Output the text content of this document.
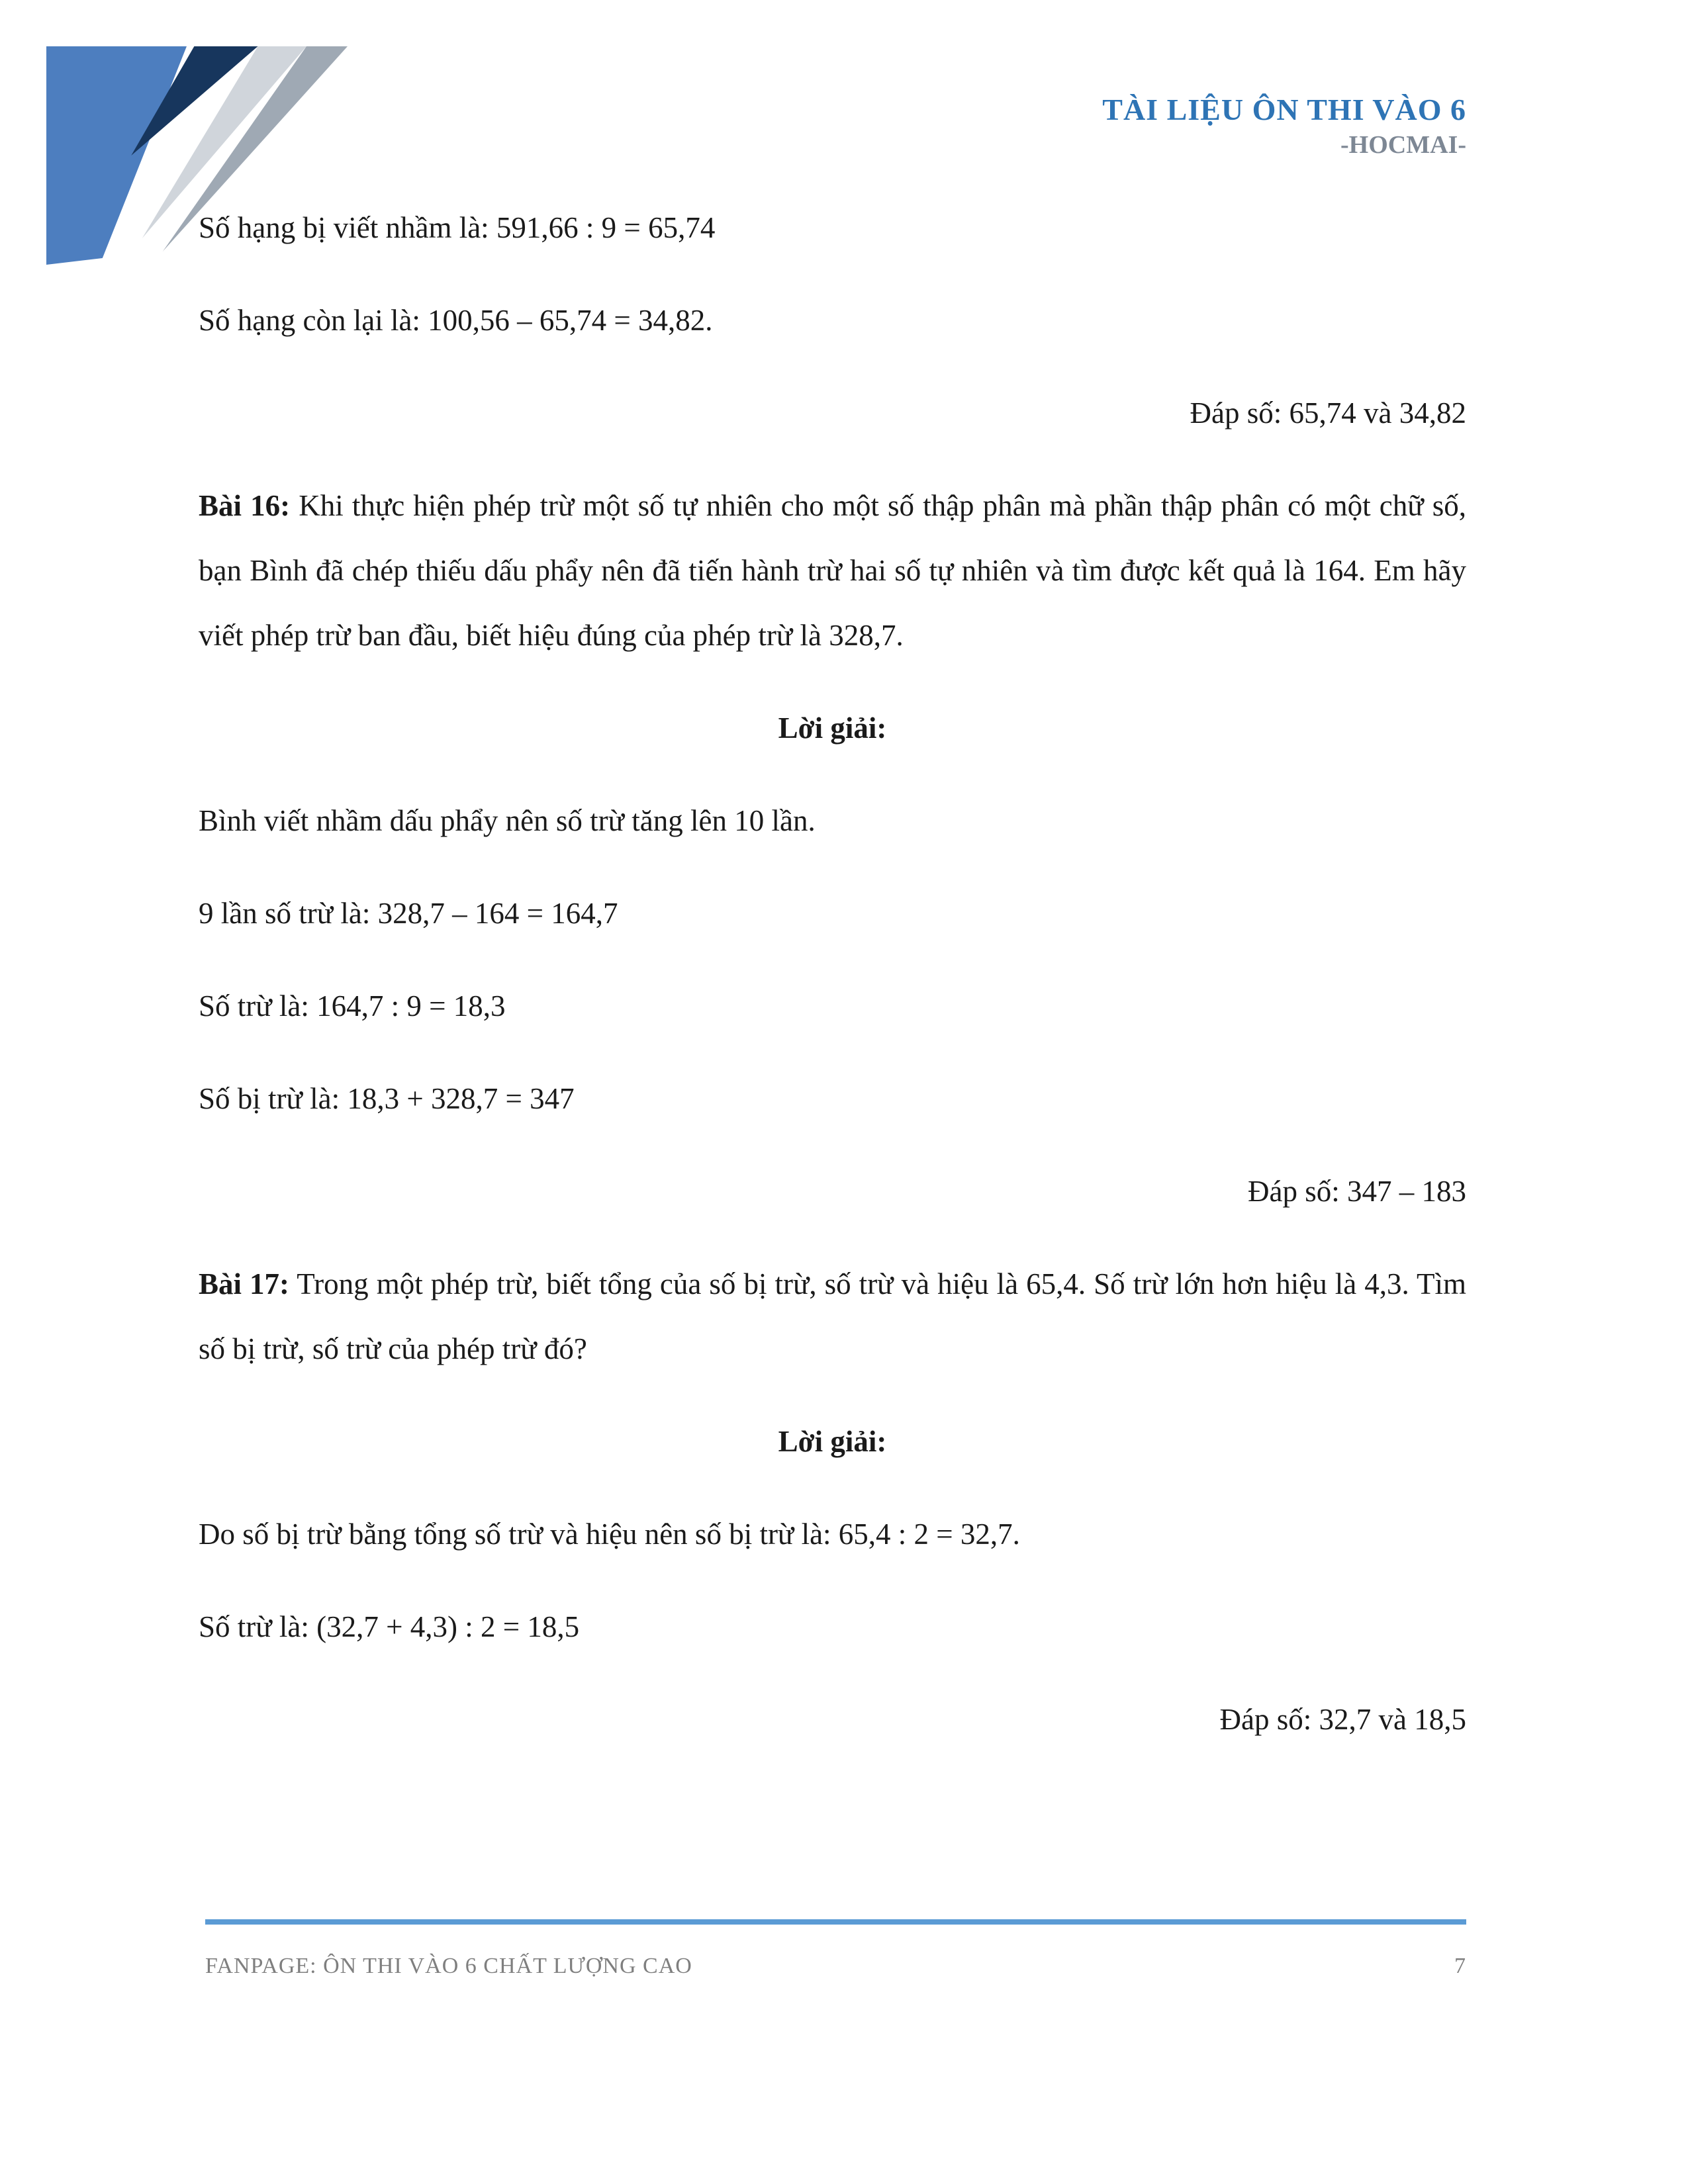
TÀI LIỆU ÔN THI VÀO 6
-HOCMAI-

Số hạng bị viết nhầm là: 591,66 : 9 = 65,74

Số hạng còn lại là: 100,56 – 65,74 = 34,82.

Đáp số: 65,74 và 34,82

Bài 16: Khi thực hiện phép trừ một số tự nhiên cho một số thập phân mà phần thập phân có một chữ số, bạn Bình đã chép thiếu dấu phẩy nên đã tiến hành trừ hai số tự nhiên và tìm được kết quả là 164. Em hãy viết phép trừ ban đầu, biết hiệu đúng của phép trừ là 328,7.

Lời giải:

Bình viết nhầm dấu phẩy nên số trừ tăng lên 10 lần.

9 lần số trừ là: 328,7 – 164 = 164,7

Số trừ là: 164,7 : 9 = 18,3

Số bị trừ là: 18,3 + 328,7 = 347

Đáp số: 347 – 183

Bài 17: Trong một phép trừ, biết tổng của số bị trừ, số trừ và hiệu là 65,4. Số trừ lớn hơn hiệu là 4,3. Tìm số bị trừ, số trừ của phép trừ đó?

Lời giải:

Do số bị trừ bằng tổng số trừ và hiệu nên số bị trừ là: 65,4 : 2 = 32,7.

Số trừ là: (32,7 + 4,3) : 2 = 18,5

Đáp số: 32,7 và 18,5

FANPAGE: ÔN THI VÀO 6 CHẤT LƯỢNG CAO	7
